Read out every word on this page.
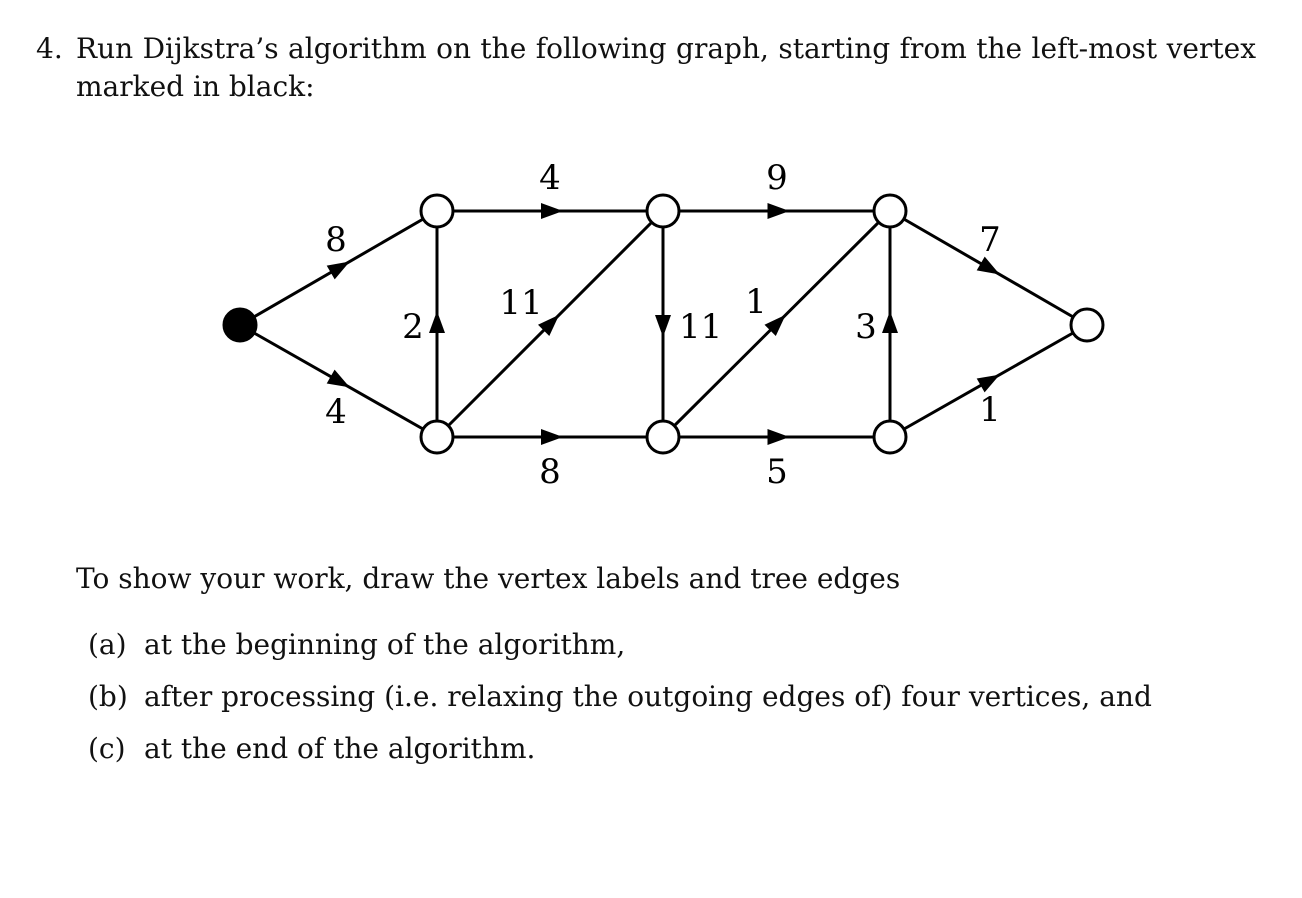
4. Run Dijkstra’s algorithm on the following graph, starting from the left-most vertex marked in black:
8
4
2
4
11
8
11
9
1
5
3
7
1
To show your work, draw the vertex labels and tree edges
(a) at the beginning of the algorithm,
(b) after processing (i.e. relaxing the outgoing edges of) four vertices, and
(c) at the end of the algorithm.
